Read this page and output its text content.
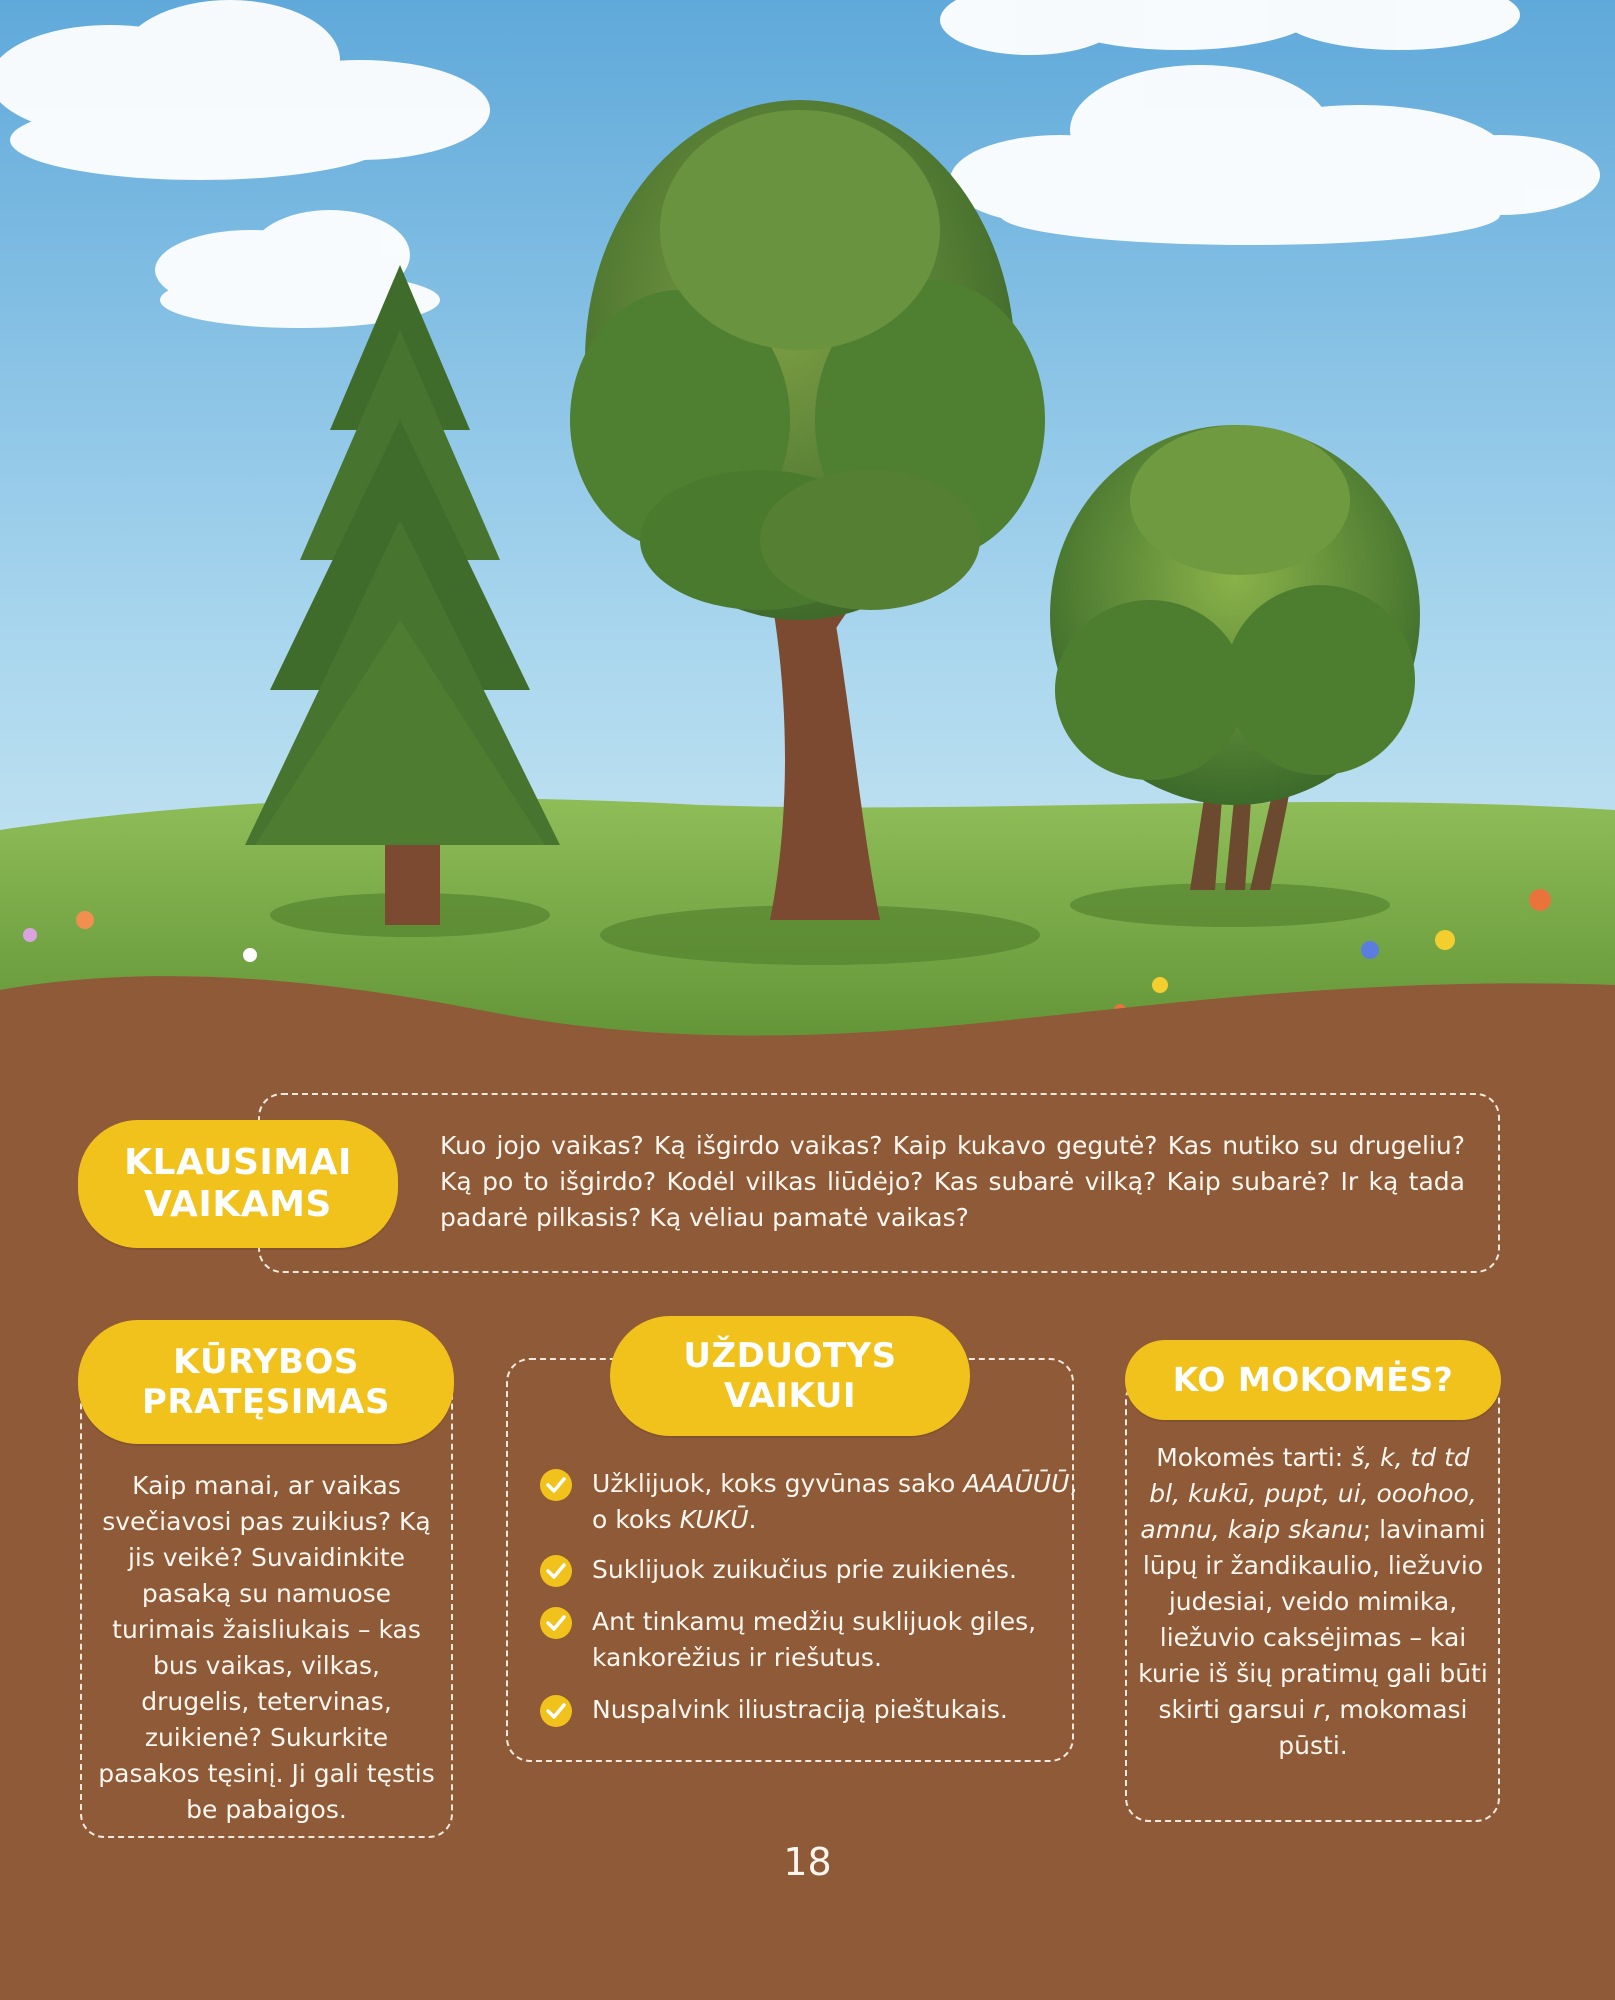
KLAUSIMAI
VAIKAMS
Kuo jojo vaikas? Ką išgirdo vaikas? Kaip kukavo gegutė? Kas nutiko su drugeliu? Ką po to išgirdo? Kodėl vilkas liūdėjo? Kas subarė vilką? Kaip subarė? Ir ką tada padarė pilkasis? Ką vėliau pamatė vaikas?
KŪRYBOS
PRATĘSIMAS
Kaip manai, ar vaikas svečiavosi pas zuikius? Ką jis veikė? Suvaidinkite pasaką su namuose turimais žaisliukais – kas bus vaikas, vilkas, drugelis, tetervinas, zuikienė? Sukurkite pasakos tęsinį. Ji gali tęstis be pabaigos.
UŽDUOTYS
VAIKUI
Užklijuok, koks gyvūnas sako AAAŪŪŪ, o koks KUKŪ.
Suklijuok zuikučius prie zuikienės.
Ant tinkamų medžių suklijuok giles, kankorėžius ir riešutus.
Nuspalvink iliustraciją pieštukais.
KO MOKOMĖS?
Mokomės tarti: š, k, td td bl, kukū, pupt, ui, ooohoo, amnu, kaip skanu; lavinami lūpų ir žandikaulio, liežuvio judesiai, veido mimika, liežuvio caksėjimas – kai kurie iš šių pratimų gali būti skirti garsui r, mokomasi pūsti.
18
